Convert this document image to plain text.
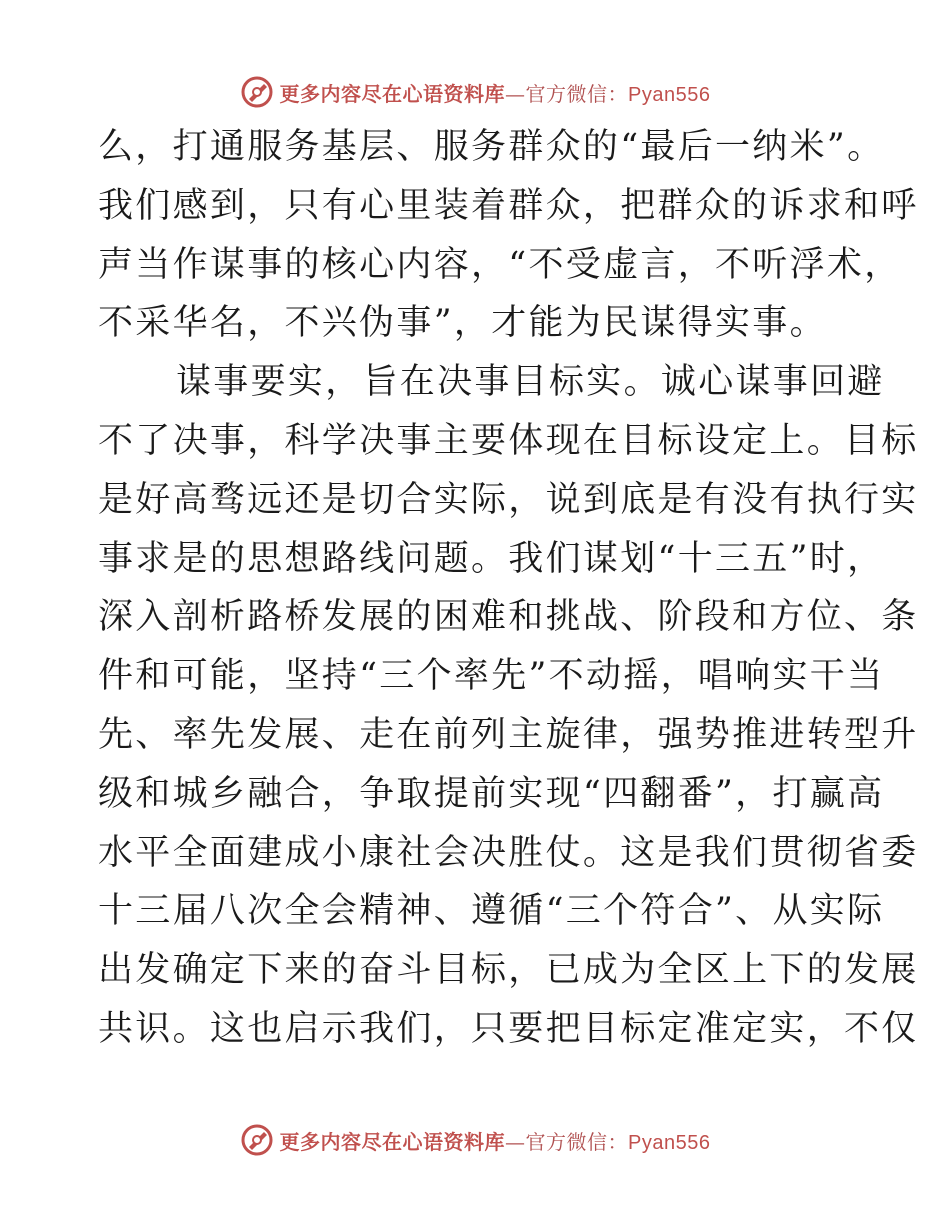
更多内容尽在心语资料库—官方微信：Pyan556

么，打通服务基层、服务群众的“最后一纳米”。
我们感到，只有心里装着群众，把群众的诉求和呼
声当作谋事的核心内容，“不受虚言，不听浮术，
不采华名，不兴伪事”，才能为民谋得实事。

谋事要实，旨在决事目标实。诚心谋事回避
不了决事，科学决事主要体现在目标设定上。目标
是好高骛远还是切合实际，说到底是有没有执行实
事求是的思想路线问题。我们谋划“十三五”时，
深入剖析路桥发展的困难和挑战、阶段和方位、条
件和可能，坚持“三个率先”不动摇，唱响实干当
先、率先发展、走在前列主旋律，强势推进转型升
级和城乡融合，争取提前实现“四翻番”，打赢高
水平全面建成小康社会决胜仗。这是我们贯彻省委
十三届八次全会精神、遵循“三个符合”、从实际
出发确定下来的奋斗目标，已成为全区上下的发展
共识。这也启示我们，只要把目标定准定实，不仅

更多内容尽在心语资料库—官方微信：Pyan556
